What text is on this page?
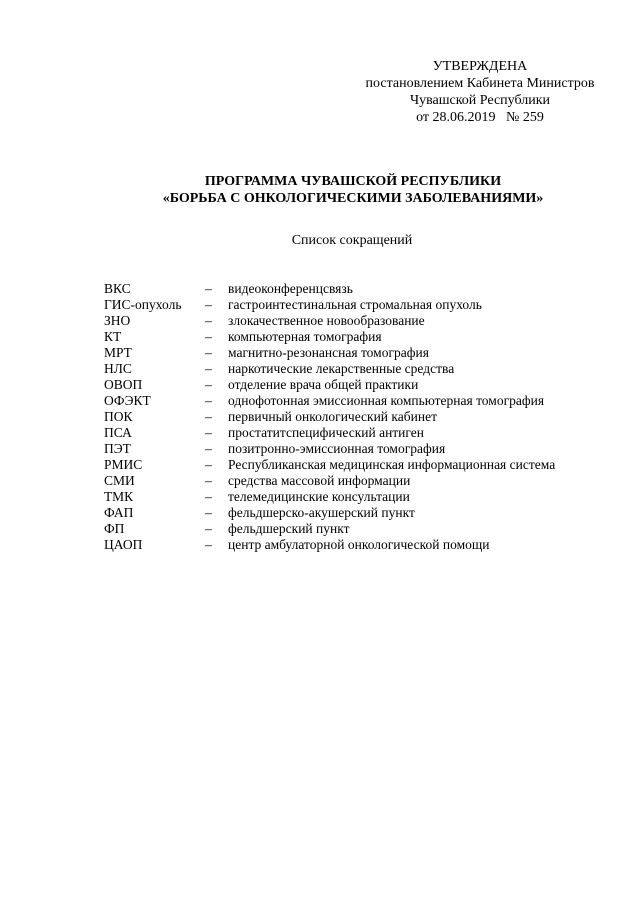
УТВЕРЖДЕНА
постановлением Кабинета Министров
Чувашской Республики
от 28.06.2019   № 259
ПРОГРАММА ЧУВАШСКОЙ РЕСПУБЛИКИ
«БОРЬБА С ОНКОЛОГИЧЕСКИМИ ЗАБОЛЕВАНИЯМИ»
Список сокращений
ВКС	– видеоконференцсвязь
ГИС-опухоль – гастроинтестинальная стромальная опухоль
ЗНО	– злокачественное новообразование
КТ	– компьютерная томография
МРТ	– магнитно-резонансная томография
НЛС	– наркотические лекарственные средства
ОВОП	– отделение врача общей практики
ОФЭКТ	– однофотонная эмиссионная компьютерная томография
ПОК	– первичный онкологический кабинет
ПСА	– простатитспецифический антиген
ПЭТ	– позитронно-эмиссионная томография
РМИС	– Республиканская медицинская информационная система
СМИ	– средства массовой информации
ТМК	– телемедицинские консультации
ФАП	– фельдшерско-акушерский пункт
ФП	– фельдшерский пункт
ЦАОП	– центр амбулаторной онкологической помощи
